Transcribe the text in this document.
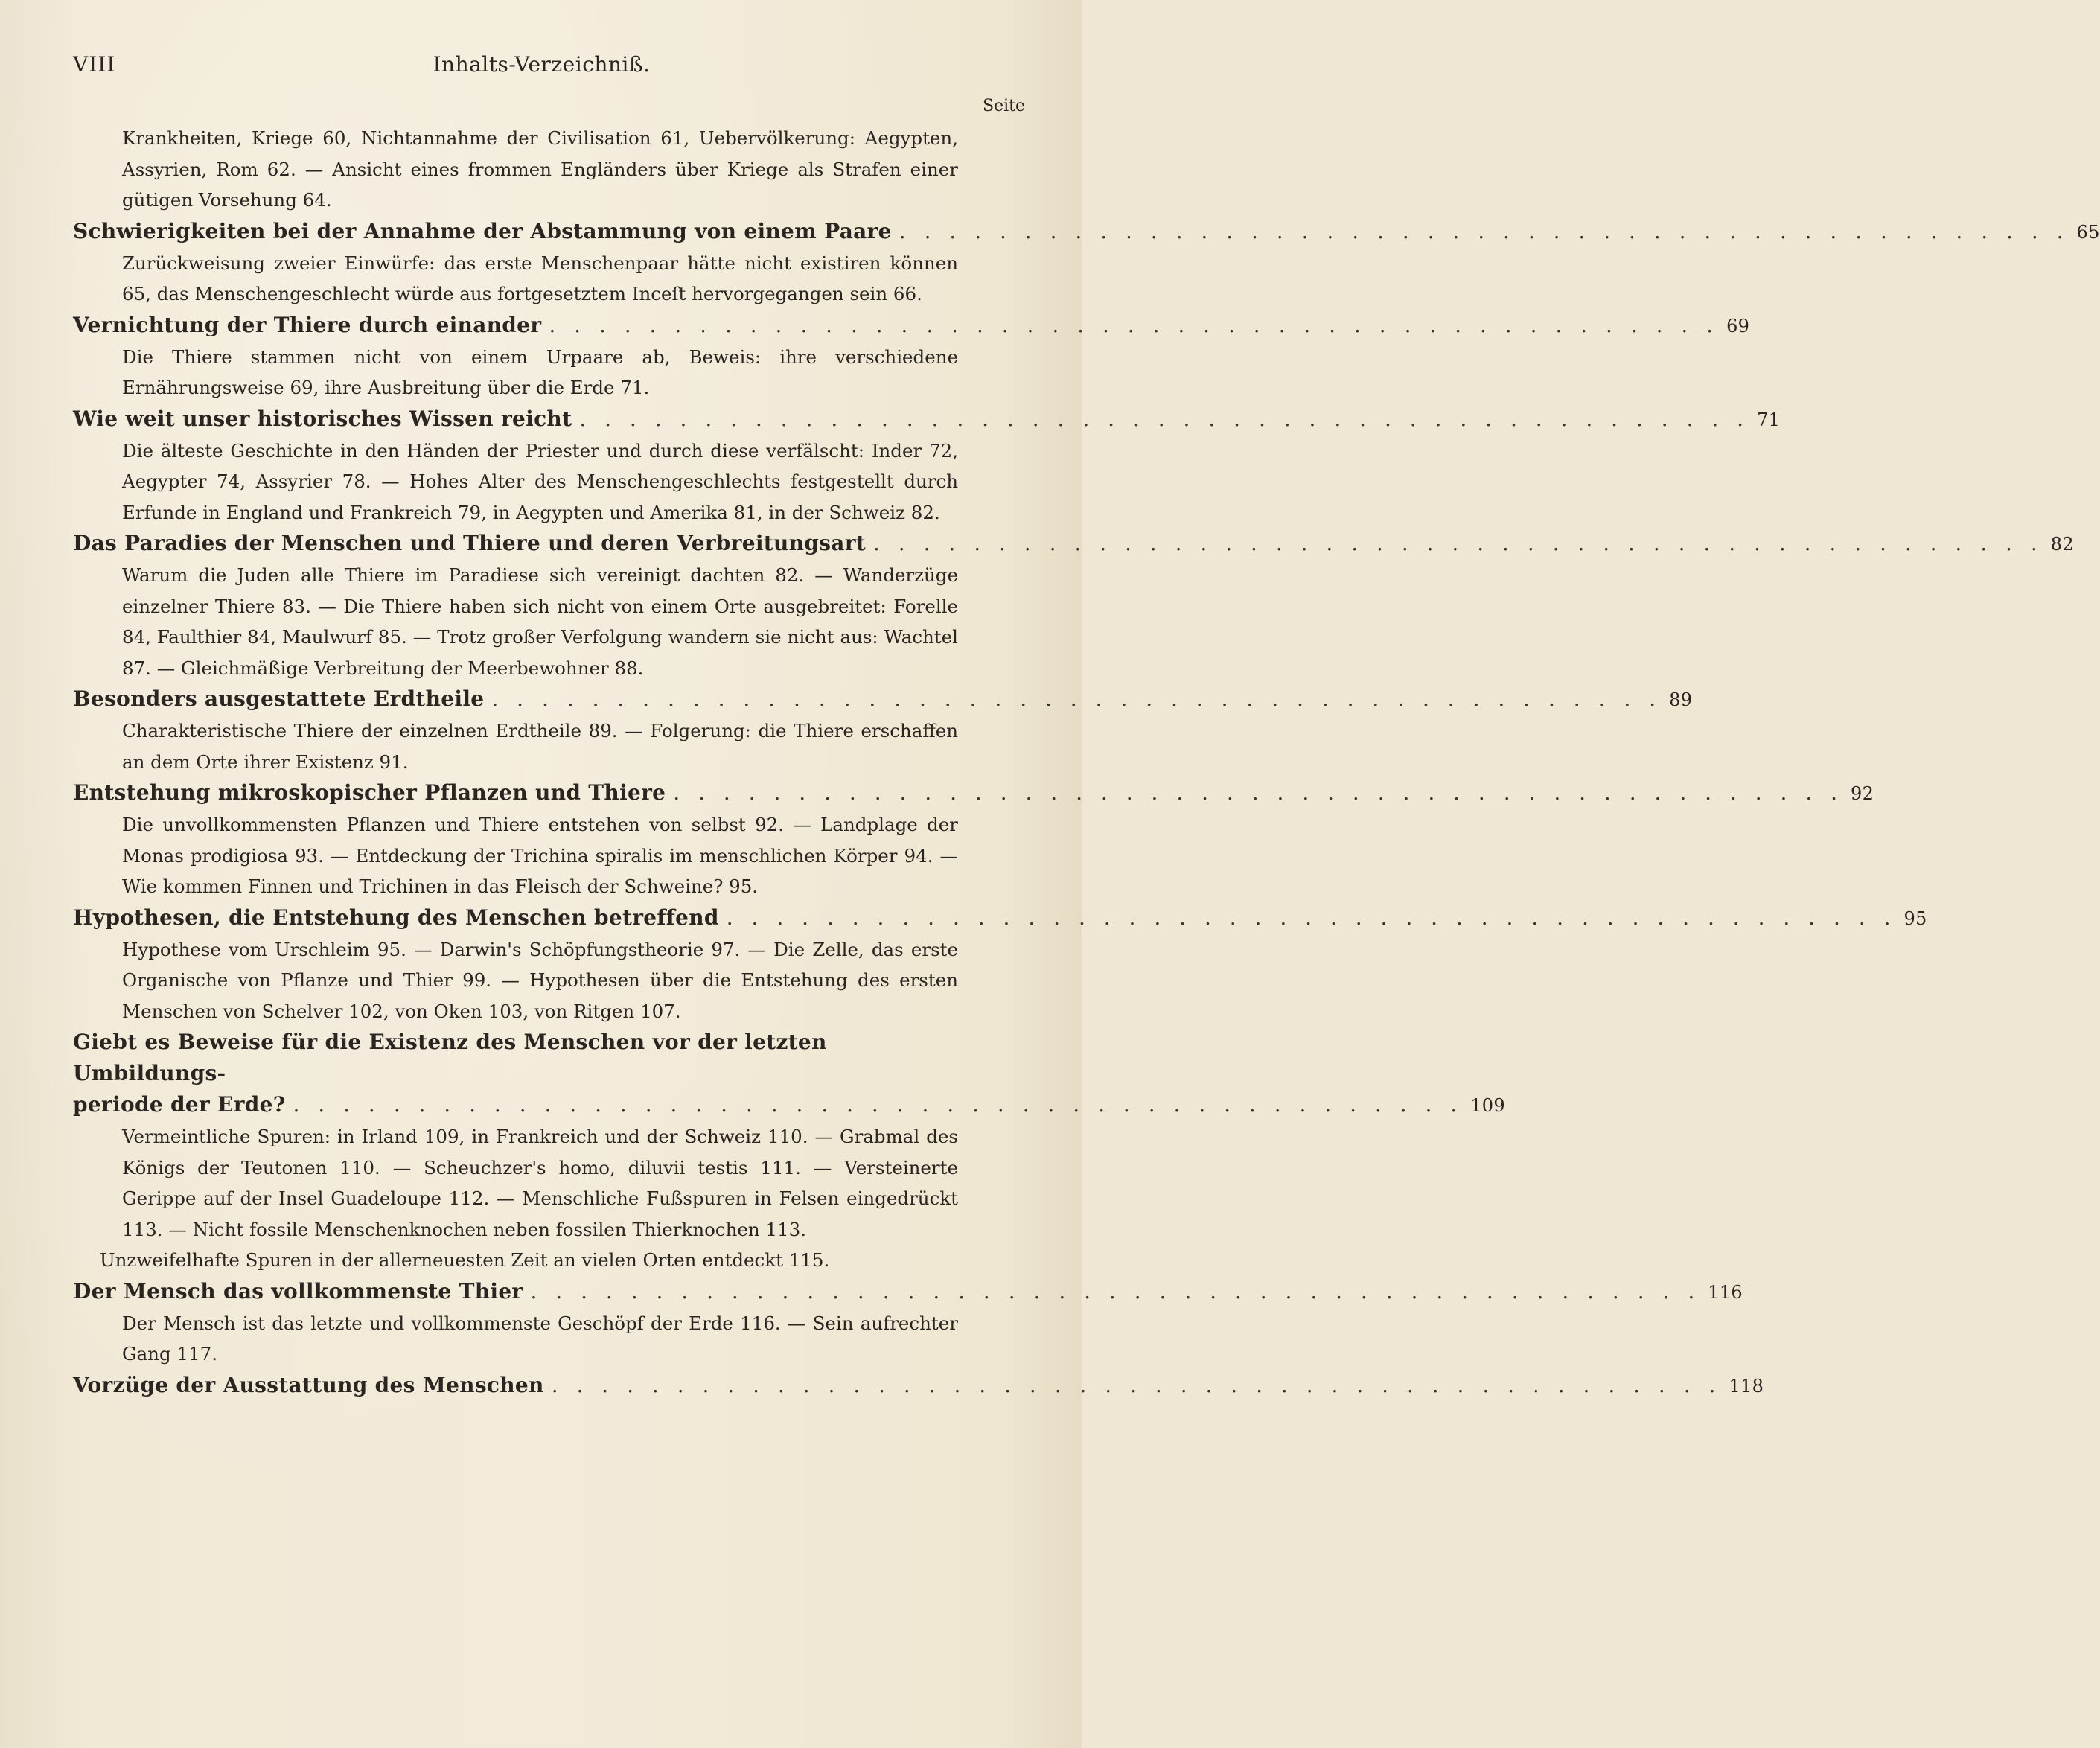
VIII	Inhalts-Verzeichniß.
Seite
Krankheiten, Kriege 60, Nichtannahme der Civilisation 61, Uebervölkerung: Aegypten, Assyrien, Rom 62. — Ansicht eines frommen Engländers über Kriege als Strafen einer gütigen Vorsehung 64.
Schwierigkeiten bei der Annahme der Abstammung von einem Paare . . . . . . . . . . . . . . . . . . . . . . . . . . . . . . . . . . . . . . . . . . . . . . . 65
Zurückweisung zweier Einwürfe: das erste Menschenpaar hätte nicht existiren können 65, das Menschengeschlecht würde aus fortgesetztem Inceſt hervorgegangen sein 66.
Vernichtung der Thiere durch einander . . . . . . . . . . . . . . . . . . . . . . . . . . . . . . . . . . . . . . . . . . . . . . . 69
Die Thiere stammen nicht von einem Urpaare ab, Beweis: ihre verschiedene Ernährungsweise 69, ihre Ausbreitung über die Erde 71.
Wie weit unser historisches Wissen reicht . . . . . . . . . . . . . . . . . . . . . . . . . . . . . . . . . . . . . . . . . . . . . . . 71
Die älteste Geschichte in den Händen der Priester und durch diese verfälscht: Inder 72, Aegypter 74, Assyrier 78. — Hohes Alter des Menschengeschlechts festgestellt durch Erfunde in England und Frankreich 79, in Aegypten und Amerika 81, in der Schweiz 82.
Das Paradies der Menschen und Thiere und deren Verbreitungsart . . . . . . . . . . . . . . . . . . . . . . . . . . . . . . . . . . . . . . . . . . . . . . . 82
Warum die Juden alle Thiere im Paradiese sich vereinigt dachten 82. — Wanderzüge einzelner Thiere 83. — Die Thiere haben sich nicht von einem Orte ausgebreitet: Forelle 84, Faulthier 84, Maulwurf 85. — Trotz großer Verfolgung wandern sie nicht aus: Wachtel 87. — Gleichmäßige Verbreitung der Meerbewohner 88.
Besonders ausgestattete Erdtheile . . . . . . . . . . . . . . . . . . . . . . . . . . . . . . . . . . . . . . . . . . . . . . . 89
Charakteristische Thiere der einzelnen Erdtheile 89. — Folgerung: die Thiere erschaffen an dem Orte ihrer Existenz 91.
Entstehung mikroskopischer Pflanzen und Thiere . . . . . . . . . . . . . . . . . . . . . . . . . . . . . . . . . . . . . . . . . . . . . . . 92
Die unvollkommensten Pflanzen und Thiere entstehen von selbst 92. — Landplage der Monas prodigiosa 93. — Entdeckung der Trichina spiralis im menschlichen Körper 94. — Wie kommen Finnen und Trichinen in das Fleisch der Schweine? 95.
Hypothesen, die Entstehung des Menschen betreffend . . . . . . . . . . . . . . . . . . . . . . . . . . . . . . . . . . . . . . . . . . . . . . . 95
Hypothese vom Urschleim 95. — Darwin's Schöpfungstheorie 97. — Die Zelle, das erste Organische von Pflanze und Thier 99. — Hypothesen über die Entstehung des ersten Menschen von Schelver 102, von Oken 103, von Ritgen 107.
Giebt es Beweise für die Existenz des Menschen vor der letzten Umbildungs-
periode der Erde? . . . . . . . . . . . . . . . . . . . . . . . . . . . . . . . . . . . . . . . . . . . . . . . 109
Vermeintliche Spuren: in Irland 109, in Frankreich und der Schweiz 110. — Grabmal des Königs der Teutonen 110. — Scheuchzer's homo, diluvii testis 111. — Versteinerte Gerippe auf der Insel Guadeloupe 112. — Menschliche Fußspuren in Felsen eingedrückt 113. — Nicht fossile Menschenknochen neben fossilen Thierknochen 113.
Unzweifelhafte Spuren in der allerneuesten Zeit an vielen Orten entdeckt 115.
Der Mensch das vollkommenste Thier . . . . . . . . . . . . . . . . . . . . . . . . . . . . . . . . . . . . . . . . . . . . . . . 116
Der Mensch ist das letzte und vollkommenste Geschöpf der Erde 116. — Sein aufrechter Gang 117.
Vorzüge der Ausstattung des Menschen . . . . . . . . . . . . . . . . . . . . . . . . . . . . . . . . . . . . . . . . . . . . . . . 118
